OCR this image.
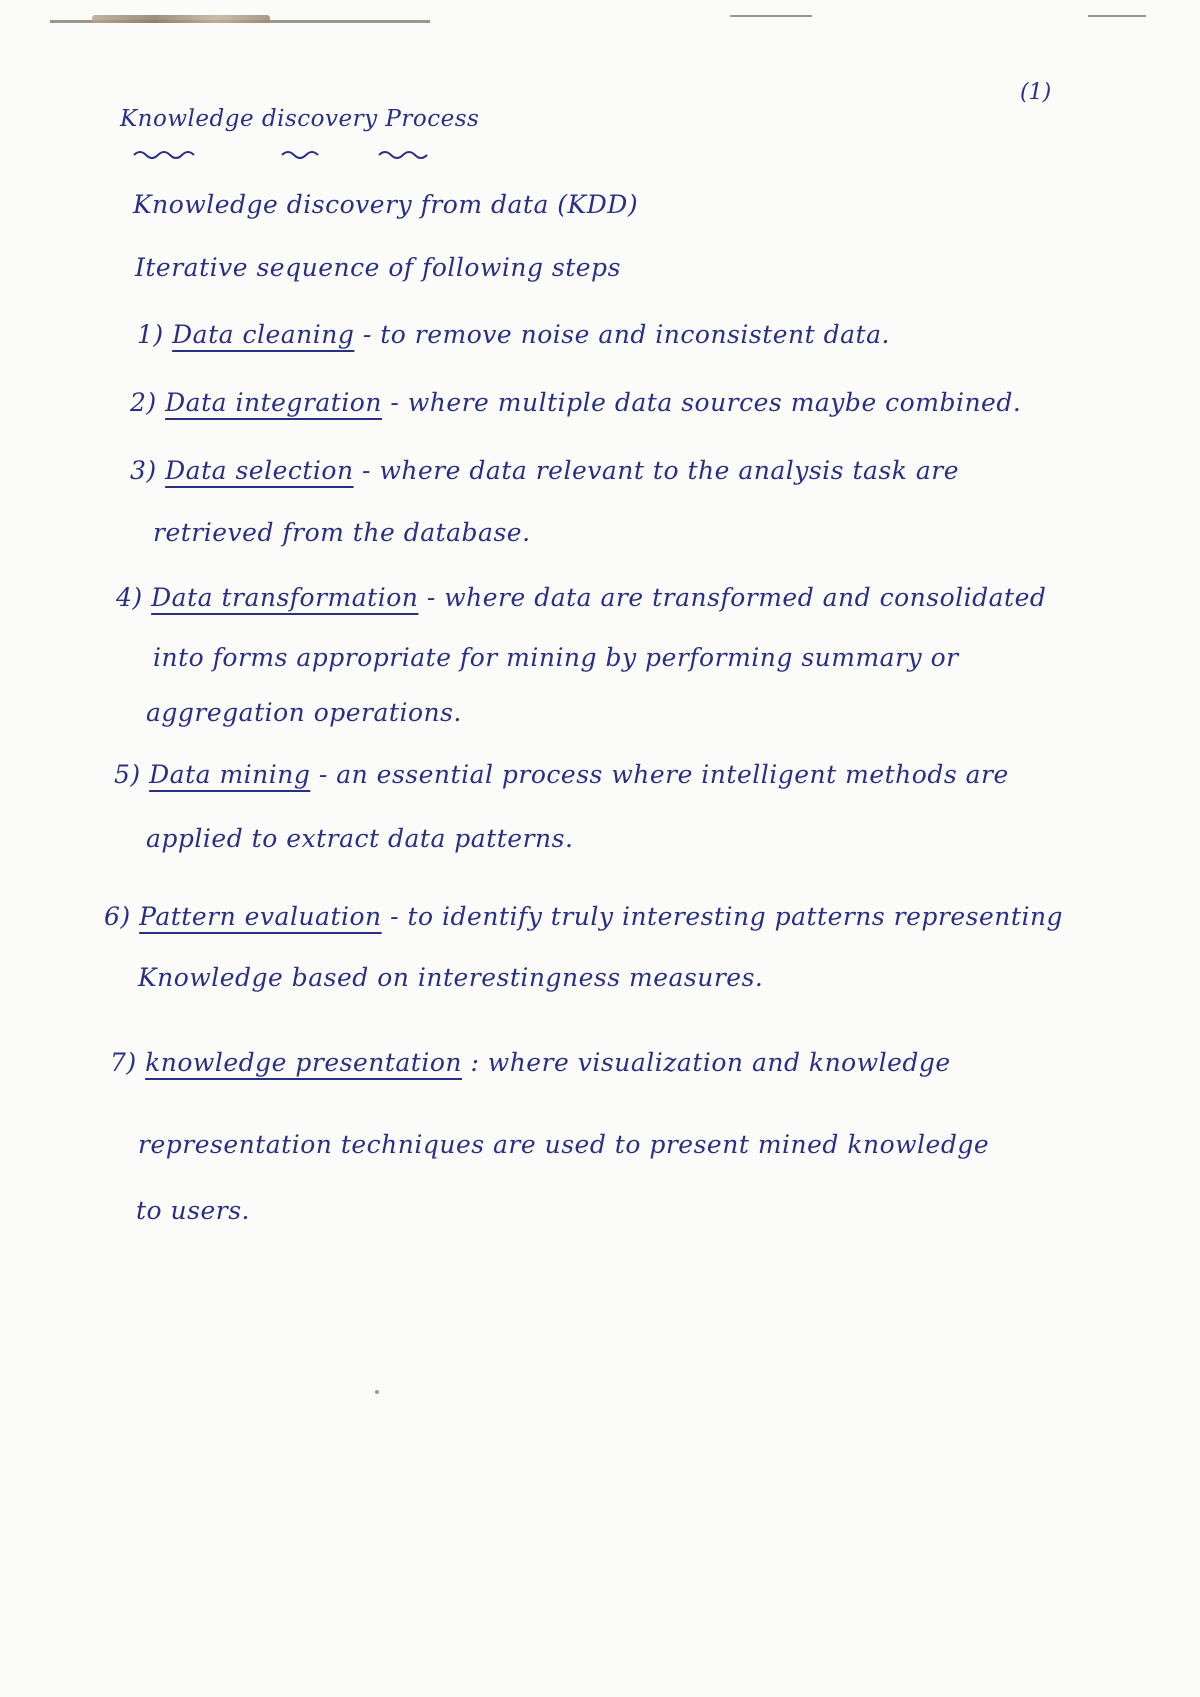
(1)
Knowledge discovery Process
Knowledge discovery from data (KDD)
Iterative sequence of following steps
1) Data cleaning - to remove noise and inconsistent data.
2) Data integration - where multiple data sources maybe combined.
3) Data selection - where data relevant to the analysis task are
retrieved from the database.
4) Data transformation - where data are transformed and consolidated
into forms appropriate for mining by performing summary or
aggregation operations.
5) Data mining - an essential process where intelligent methods are
applied to extract data patterns.
6) Pattern evaluation - to identify truly interesting patterns representing
Knowledge based on interestingness measures.
7) knowledge presentation : where visualization and knowledge
representation techniques are used to present mined knowledge
to users.
